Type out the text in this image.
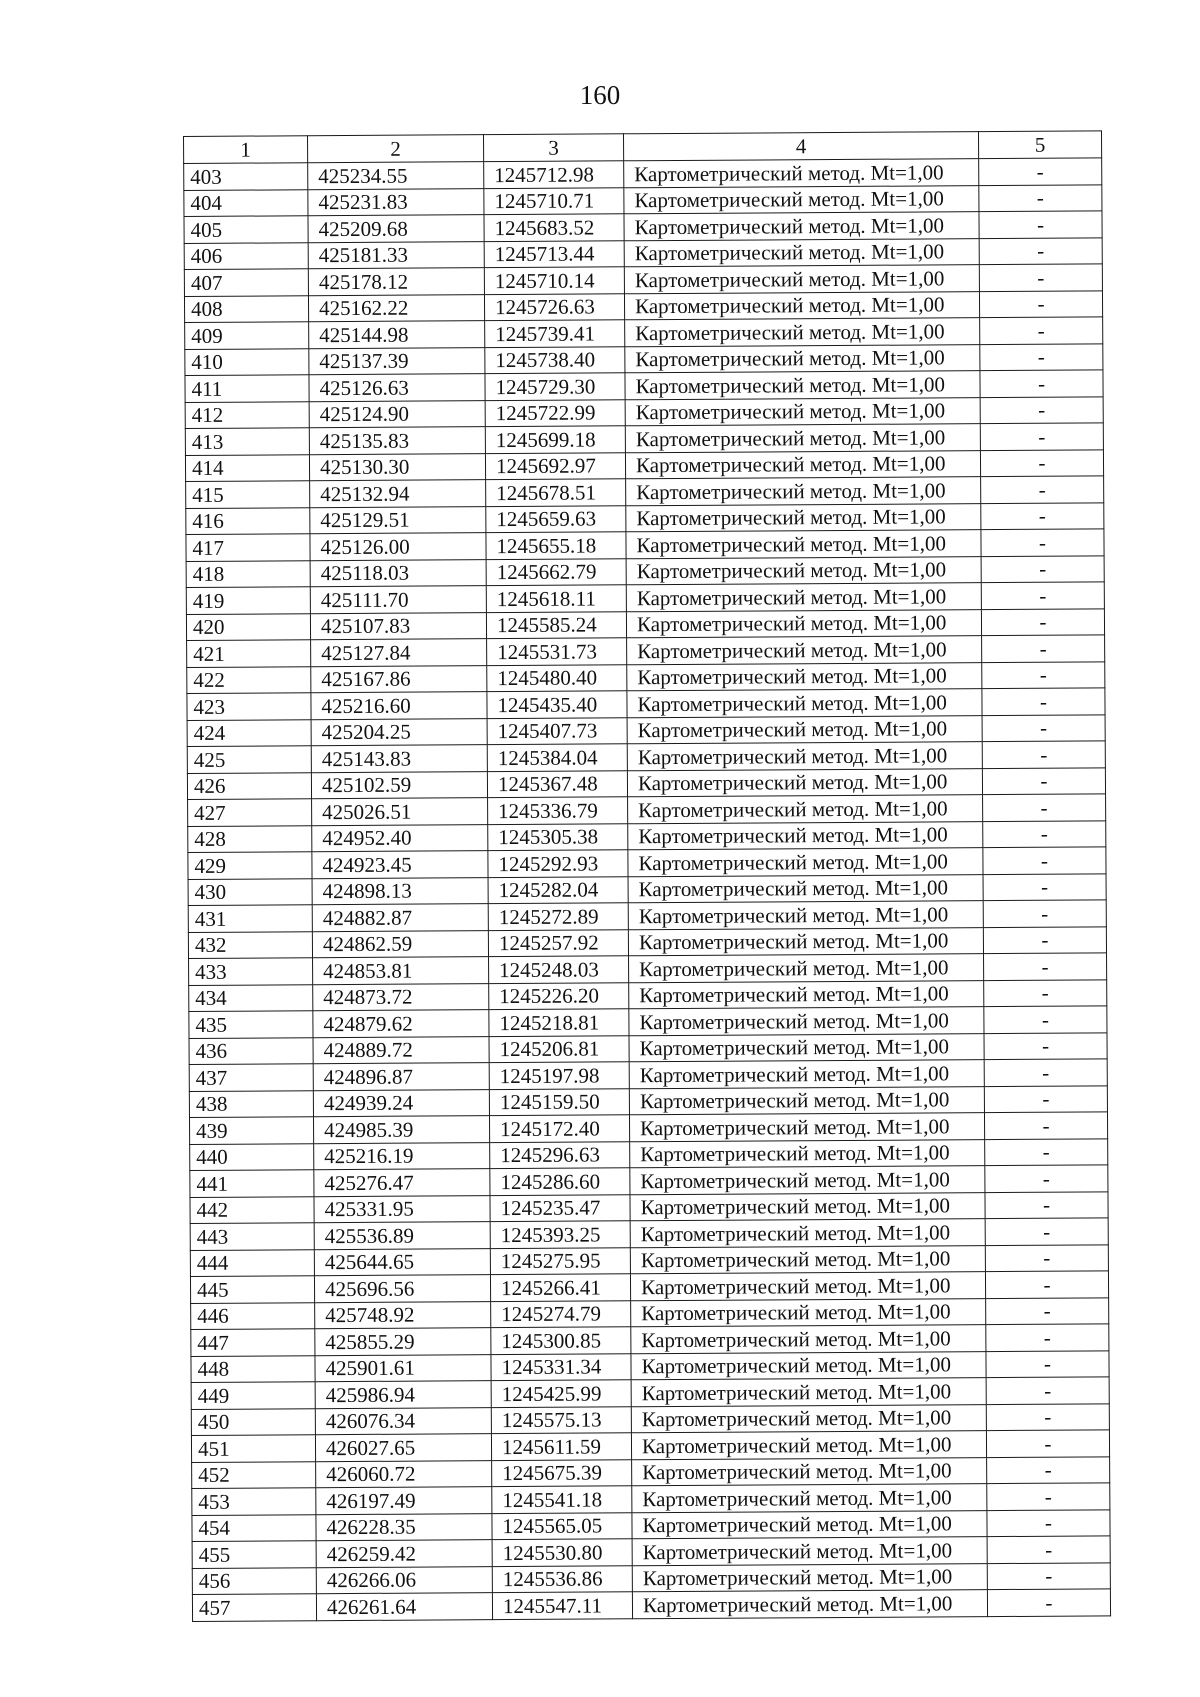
160
1	2	3	4	5
403	425234.55	1245712.98	Картометрический метод. Mt=1,00	-
404	425231.83	1245710.71	Картометрический метод. Mt=1,00	-
405	425209.68	1245683.52	Картометрический метод. Mt=1,00	-
406	425181.33	1245713.44	Картометрический метод. Mt=1,00	-
407	425178.12	1245710.14	Картометрический метод. Mt=1,00	-
408	425162.22	1245726.63	Картометрический метод. Mt=1,00	-
409	425144.98	1245739.41	Картометрический метод. Mt=1,00	-
410	425137.39	1245738.40	Картометрический метод. Mt=1,00	-
411	425126.63	1245729.30	Картометрический метод. Mt=1,00	-
412	425124.90	1245722.99	Картометрический метод. Mt=1,00	-
413	425135.83	1245699.18	Картометрический метод. Mt=1,00	-
414	425130.30	1245692.97	Картометрический метод. Mt=1,00	-
415	425132.94	1245678.51	Картометрический метод. Mt=1,00	-
416	425129.51	1245659.63	Картометрический метод. Mt=1,00	-
417	425126.00	1245655.18	Картометрический метод. Mt=1,00	-
418	425118.03	1245662.79	Картометрический метод. Mt=1,00	-
419	425111.70	1245618.11	Картометрический метод. Mt=1,00	-
420	425107.83	1245585.24	Картометрический метод. Mt=1,00	-
421	425127.84	1245531.73	Картометрический метод. Mt=1,00	-
422	425167.86	1245480.40	Картометрический метод. Mt=1,00	-
423	425216.60	1245435.40	Картометрический метод. Mt=1,00	-
424	425204.25	1245407.73	Картометрический метод. Mt=1,00	-
425	425143.83	1245384.04	Картометрический метод. Mt=1,00	-
426	425102.59	1245367.48	Картометрический метод. Mt=1,00	-
427	425026.51	1245336.79	Картометрический метод. Mt=1,00	-
428	424952.40	1245305.38	Картометрический метод. Mt=1,00	-
429	424923.45	1245292.93	Картометрический метод. Mt=1,00	-
430	424898.13	1245282.04	Картометрический метод. Mt=1,00	-
431	424882.87	1245272.89	Картометрический метод. Mt=1,00	-
432	424862.59	1245257.92	Картометрический метод. Mt=1,00	-
433	424853.81	1245248.03	Картометрический метод. Mt=1,00	-
434	424873.72	1245226.20	Картометрический метод. Mt=1,00	-
435	424879.62	1245218.81	Картометрический метод. Mt=1,00	-
436	424889.72	1245206.81	Картометрический метод. Mt=1,00	-
437	424896.87	1245197.98	Картометрический метод. Mt=1,00	-
438	424939.24	1245159.50	Картометрический метод. Mt=1,00	-
439	424985.39	1245172.40	Картометрический метод. Mt=1,00	-
440	425216.19	1245296.63	Картометрический метод. Mt=1,00	-
441	425276.47	1245286.60	Картометрический метод. Mt=1,00	-
442	425331.95	1245235.47	Картометрический метод. Mt=1,00	-
443	425536.89	1245393.25	Картометрический метод. Mt=1,00	-
444	425644.65	1245275.95	Картометрический метод. Mt=1,00	-
445	425696.56	1245266.41	Картометрический метод. Mt=1,00	-
446	425748.92	1245274.79	Картометрический метод. Mt=1,00	-
447	425855.29	1245300.85	Картометрический метод. Mt=1,00	-
448	425901.61	1245331.34	Картометрический метод. Mt=1,00	-
449	425986.94	1245425.99	Картометрический метод. Mt=1,00	-
450	426076.34	1245575.13	Картометрический метод. Mt=1,00	-
451	426027.65	1245611.59	Картометрический метод. Mt=1,00	-
452	426060.72	1245675.39	Картометрический метод. Mt=1,00	-
453	426197.49	1245541.18	Картометрический метод. Mt=1,00	-
454	426228.35	1245565.05	Картометрический метод. Mt=1,00	-
455	426259.42	1245530.80	Картометрический метод. Mt=1,00	-
456	426266.06	1245536.86	Картометрический метод. Mt=1,00	-
457	426261.64	1245547.11	Картометрический метод. Mt=1,00	-
